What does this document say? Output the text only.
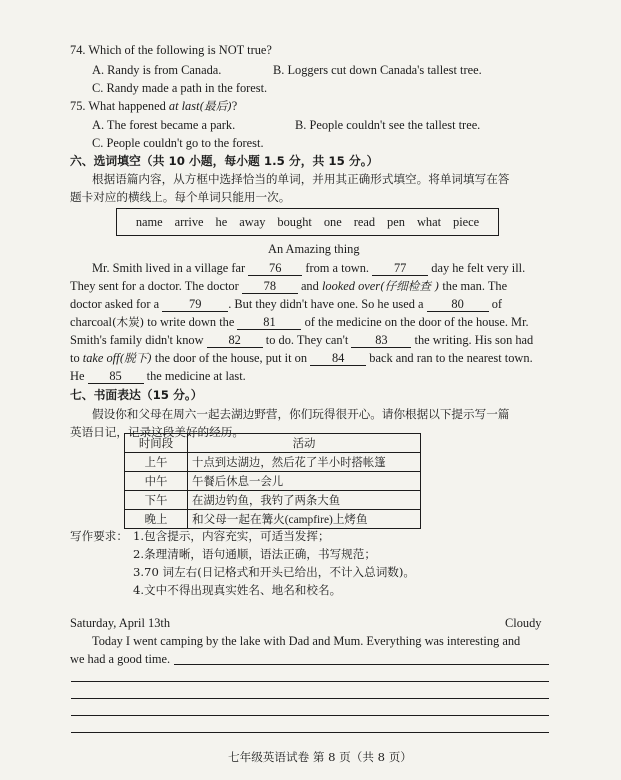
74. Which of the following is NOT true?
A. Randy is from Canada.	B. Loggers cut down Canada's tallest tree.
C. Randy made a path in the forest.
75. What happened at last(最后)?
A. The forest became a park.	B. People couldn't see the tallest tree.
C. People couldn't go to the forest.
六、选词填空（共 10 小题，每小题 1.5 分，共 15 分。）
根据语篇内容，从方框中选择恰当的单词，并用其正确形式填空。将单词填写在答
题卡对应的横线上。每个单词只能用一次。
name arrive he away bought one read pen what piece
An Amazing thing
Mr. Smith lived in a village far 76 from a town. 77 day he felt very ill.
They sent for a doctor. The doctor 78 and looked over(仔细检查 ) the man. The
doctor asked for a 79 . But they didn't have one. So he used a 80 of
charcoal(木炭) to write down the 81 of the medicine on the door of the house. Mr.
Smith's family didn't know 82 to do. They can't 83 the writing. His son had
to take off(脱下) the door of the house, put it on 84 back and ran to the nearest town.
He 85 the medicine at last.
七、书面表达（15 分。）
假设你和父母在周六一起去湖边野营，你们玩得很开心。请你根据以下提示写一篇
英语日记，记录这段美好的经历。
时间段	活动
上午	十点到达湖边，然后花了半小时搭帐篷
中午	午餐后休息一会儿
下午	在湖边钓鱼，我钓了两条大鱼
晚上	和父母一起在篝火(campfire)上烤鱼
写作要求： 1.包含提示，内容充实，可适当发挥；
2.条理清晰，语句通顺，语法正确，书写规范；
3.70 词左右(日记格式和开头已给出，不计入总词数)。
4.文中不得出现真实姓名、地名和校名。
Saturday, April 13th	Cloudy
Today I went camping by the lake with Dad and Mum. Everything was interesting and
we had a good time.
七年级英语试卷 第 8 页（共 8 页）
